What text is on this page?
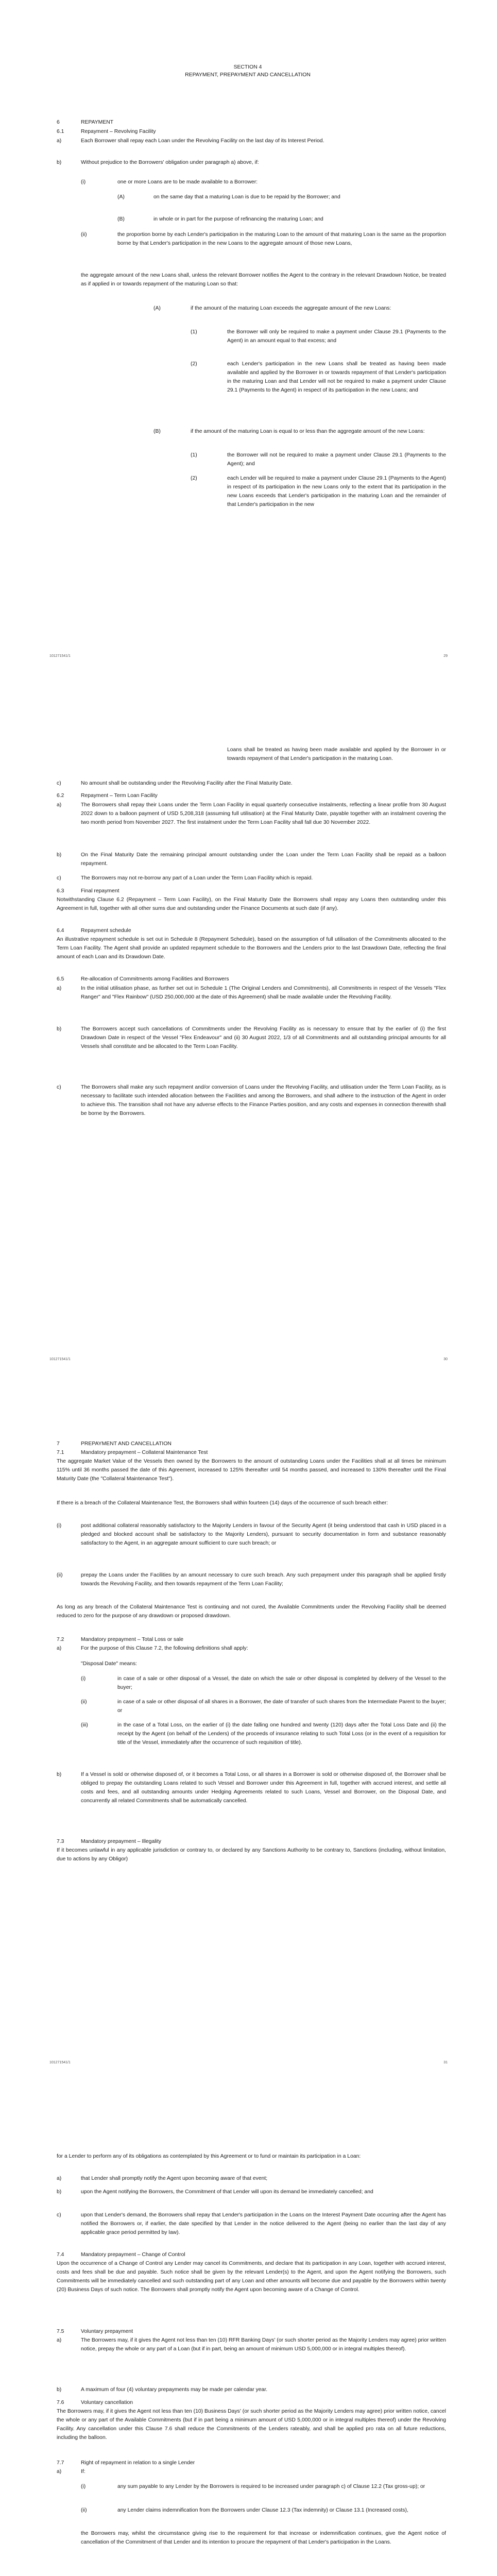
SECTION 4
REPAYMENT, PREPAYMENT AND CANCELLATION
6	REPAYMENT
6.1	Repayment – Revolving Facility
a)	Each Borrower shall repay each Loan under the Revolving Facility on the last day of its Interest Period.
b)	Without prejudice to the Borrowers' obligation under paragraph a) above, if:
(i)	one or more Loans are to be made available to a Borrower:
(A)	on the same day that a maturing Loan is due to be repaid by the Borrower; and
(B)	in whole or in part for the purpose of refinancing the maturing Loan; and
(ii)	the proportion borne by each Lender's participation in the maturing Loan to the amount of that maturing Loan is the same as the proportion borne by that Lender's participation in the new Loans to the aggregate amount of those new Loans,
the aggregate amount of the new Loans shall, unless the relevant Borrower notifies the Agent to the contrary in the relevant Drawdown Notice, be treated as if applied in or towards repayment of the maturing Loan so that:
(A)	if the amount of the maturing Loan exceeds the aggregate amount of the new Loans:
(1)	the Borrower will only be required to make a payment under Clause 29.1 (Payments to the Agent) in an amount equal to that excess; and
(2)	each Lender's participation in the new Loans shall be treated as having been made available and applied by the Borrower in or towards repayment of that Lender's participation in the maturing Loan and that Lender will not be required to make a payment under Clause 29.1 (Payments to the Agent) in respect of its participation in the new Loans; and
(B)	if the amount of the maturing Loan is equal to or less than the aggregate amount of the new Loans:
(1)	the Borrower will not be required to make a payment under Clause 29.1 (Payments to the Agent); and
(2)	each Lender will be required to make a payment under Clause 29.1 (Payments to the Agent) in respect of its participation in the new Loans only to the extent that its participation in the new Loans exceeds that Lender's participation in the maturing Loan and the remainder of that Lender's participation in the new
101271541/1	29
Loans shall be treated as having been made available and applied by the Borrower in or towards repayment of that Lender's participation in the maturing Loan.
c)	No amount shall be outstanding under the Revolving Facility after the Final Maturity Date.
6.2	Repayment – Term Loan Facility
a)	The Borrowers shall repay their Loans under the Term Loan Facility in equal quarterly consecutive instalments, reflecting a linear profile from 30 August 2022 down to a balloon payment of USD 5,208,318 (assuming full utilisation) at the Final Maturity Date, payable together with an instalment covering the two month period from November 2027. The first instalment under the Term Loan Facility shall fall due 30 November 2022.
b)	On the Final Maturity Date the remaining principal amount outstanding under the Loan under the Term Loan Facility shall be repaid as a balloon repayment.
c)	The Borrowers may not re-borrow any part of a Loan under the Term Loan Facility which is repaid.
6.3	Final repayment
Notwithstanding Clause 6.2 (Repayment – Term Loan Facility), on the Final Maturity Date the Borrowers shall repay any Loans then outstanding under this Agreement in full, together with all other sums due and outstanding under the Finance Documents at such date (if any).
6.4	Repayment schedule
An illustrative repayment schedule is set out in Schedule 8 (Repayment Schedule), based on the assumption of full utilisation of the Commitments allocated to the Term Loan Facility. The Agent shall provide an updated repayment schedule to the Borrowers and the Lenders prior to the last Drawdown Date, reflecting the final amount of each Loan and its Drawdown Date.
6.5	Re-allocation of Commitments among Facilities and Borrowers
a)	In the initial utilisation phase, as further set out in Schedule 1 (The Original Lenders and Commitments), all Commitments in respect of the Vessels "Flex Ranger" and "Flex Rainbow" (USD 250,000,000 at the date of this Agreement) shall be made available under the Revolving Facility.
b)	The Borrowers accept such cancellations of Commitments under the Revolving Facility as is necessary to ensure that by the earlier of (i) the first Drawdown Date in respect of the Vessel "Flex Endeavour" and (ii) 30 August 2022, 1/3 of all Commitments and all outstanding principal amounts for all Vessels shall constitute and be allocated to the Term Loan Facility.
c)	The Borrowers shall make any such repayment and/or conversion of Loans under the Revolving Facility, and utilisation under the Term Loan Facility, as is necessary to facilitate such intended allocation between the Facilities and among the Borrowers, and shall adhere to the instruction of the Agent in order to achieve this. The transition shall not have any adverse effects to the Finance Parties position, and any costs and expenses in connection therewith shall be borne by the Borrowers.
101271541/1	30
7	PREPAYMENT AND CANCELLATION
7.1	Mandatory prepayment – Collateral Maintenance Test
The aggregate Market Value of the Vessels then owned by the Borrowers to the amount of outstanding Loans under the Facilities shall at all times be minimum 115% until 36 months passed the date of this Agreement, increased to 125% thereafter until 54 months passed, and increased to 130% thereafter until the Final Maturity Date (the "Collateral Maintenance Test").
If there is a breach of the Collateral Maintenance Test, the Borrowers shall within fourteen (14) days of the occurrence of such breach either:
(i)	post additional collateral reasonably satisfactory to the Majority Lenders in favour of the Security Agent (it being understood that cash in USD placed in a pledged and blocked account shall be satisfactory to the Majority Lenders), pursuant to security documentation in form and substance reasonably satisfactory to the Agent, in an aggregate amount sufficient to cure such breach; or
(ii)	prepay the Loans under the Facilities by an amount necessary to cure such breach. Any such prepayment under this paragraph shall be applied firstly towards the Revolving Facility, and then towards repayment of the Term Loan Facility;
As long as any breach of the Collateral Maintenance Test is continuing and not cured, the Available Commitments under the Revolving Facility shall be deemed reduced to zero for the purpose of any drawdown or proposed drawdown.
7.2	Mandatory prepayment – Total Loss or sale
a)	For the purpose of this Clause 7.2, the following definitions shall apply:
"Disposal Date" means:
(i)	in case of a sale or other disposal of a Vessel, the date on which the sale or other disposal is completed by delivery of the Vessel to the buyer;
(ii)	in case of a sale or other disposal of all shares in a Borrower, the date of transfer of such shares from the Intermediate Parent to the buyer; or
(iii)	in the case of a Total Loss, on the earlier of (i) the date falling one hundred and twenty (120) days after the Total Loss Date and (ii) the receipt by the Agent (on behalf of the Lenders) of the proceeds of insurance relating to such Total Loss (or in the event of a requisition for title of the Vessel, immediately after the occurrence of such requisition of title).
b)	If a Vessel is sold or otherwise disposed of, or it becomes a Total Loss, or all shares in a Borrower is sold or otherwise disposed of, the Borrower shall be obliged to prepay the outstanding Loans related to such Vessel and Borrower under this Agreement in full, together with accrued interest, and settle all costs and fees, and all outstanding amounts under Hedging Agreements related to such Loans, Vessel and Borrower, on the Disposal Date, and concurrently all related Commitments shall be automatically cancelled.
7.3	Mandatory prepayment – Illegality
If it becomes unlawful in any applicable jurisdiction or contrary to, or declared by any Sanctions Authority to be contrary to, Sanctions (including, without limitation, due to actions by any Obligor)
101271541/1	31
for a Lender to perform any of its obligations as contemplated by this Agreement or to fund or maintain its participation in a Loan:
a)	that Lender shall promptly notify the Agent upon becoming aware of that event;
b)	upon the Agent notifying the Borrowers, the Commitment of that Lender will upon its demand be immediately cancelled; and
c)	upon that Lender's demand, the Borrowers shall repay that Lender's participation in the Loans on the Interest Payment Date occurring after the Agent has notified the Borrowers or, if earlier, the date specified by that Lender in the notice delivered to the Agent (being no earlier than the last day of any applicable grace period permitted by law).
7.4	Mandatory prepayment – Change of Control
Upon the occurrence of a Change of Control any Lender may cancel its Commitments, and declare that its participation in any Loan, together with accrued interest, costs and fees shall be due and payable. Such notice shall be given by the relevant Lender(s) to the Agent, and upon the Agent notifying the Borrowers, such Commitments will be immediately cancelled and such outstanding part of any Loan and other amounts will become due and payable by the Borrowers within twenty (20) Business Days of such notice. The Borrowers shall promptly notify the Agent upon becoming aware of a Change of Control.
7.5	Voluntary prepayment
a)	The Borrowers may, if it gives the Agent not less than ten (10) RFR Banking Days' (or such shorter period as the Majority Lenders may agree) prior written notice, prepay the whole or any part of a Loan (but if in part, being an amount of minimum USD 5,000,000 or in integral multiples thereof).
b)	A maximum of four (4) voluntary prepayments may be made per calendar year.
7.6	Voluntary cancellation
The Borrowers may, if it gives the Agent not less than ten (10) Business Days' (or such shorter period as the Majority Lenders may agree) prior written notice, cancel the whole or any part of the Available Commitments (but if in part being a minimum amount of USD 5,000,000 or in integral multiples thereof) under the Revolving Facility. Any cancellation under this Clause 7.6 shall reduce the Commitments of the Lenders rateably, and shall be applied pro rata on all future reductions, including the balloon.
7.7	Right of repayment in relation to a single Lender
a)	If:
(i)	any sum payable to any Lender by the Borrowers is required to be increased under paragraph c) of Clause 12.2 (Tax gross-up); or
(ii)	any Lender claims indemnification from the Borrowers under Clause 12.3 (Tax indemnity) or Clause 13.1 (Increased costs),
the Borrowers may, whilst the circumstance giving rise to the requirement for that increase or indemnification continues, give the Agent notice of cancellation of the Commitment of that Lender and its intention to procure the repayment of that Lender's participation in the Loans.
